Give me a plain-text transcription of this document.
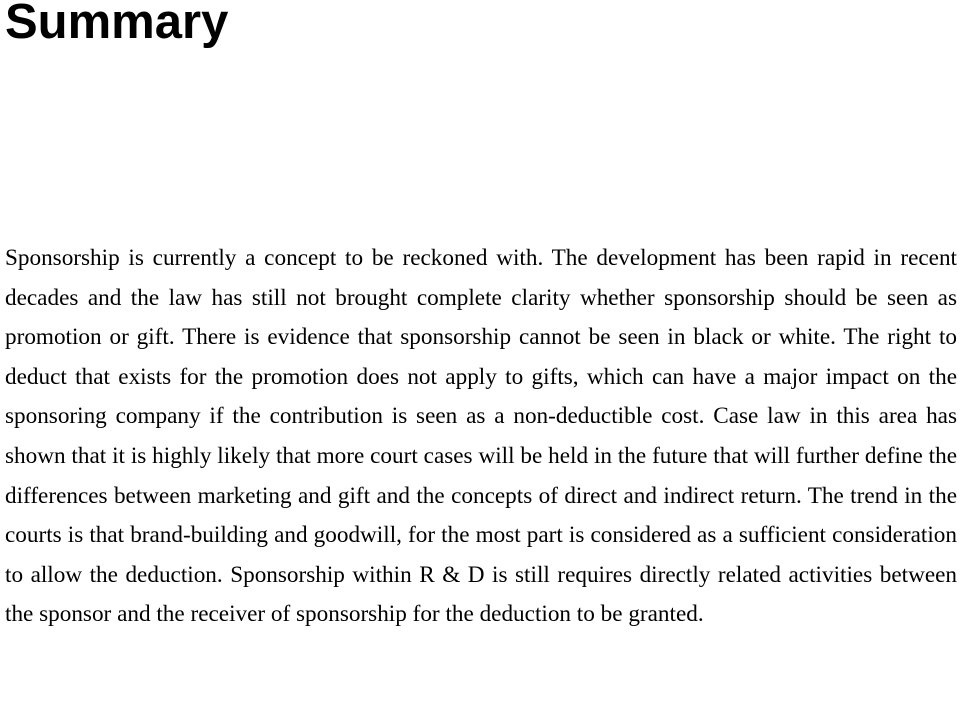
Summary

Sponsorship is currently a concept to be reckoned with. The development has been rapid in recent decades and the law has still not brought complete clarity whether sponsorship should be seen as promotion or gift. There is evidence that sponsorship cannot be seen in black or white. The right to deduct that exists for the promotion does not apply to gifts, which can have a major impact on the sponsoring company if the contribution is seen as a non-deductible cost. Case law in this area has shown that it is highly likely that more court cases will be held in the future that will further define the differences between marketing and gift and the concepts of direct and indirect return. The trend in the courts is that brand-building and goodwill, for the most part is considered as a sufficient consideration to allow the deduction. Sponsorship within R & D is still requires directly related activities between the sponsor and the receiver of sponsorship for the deduction to be granted.
